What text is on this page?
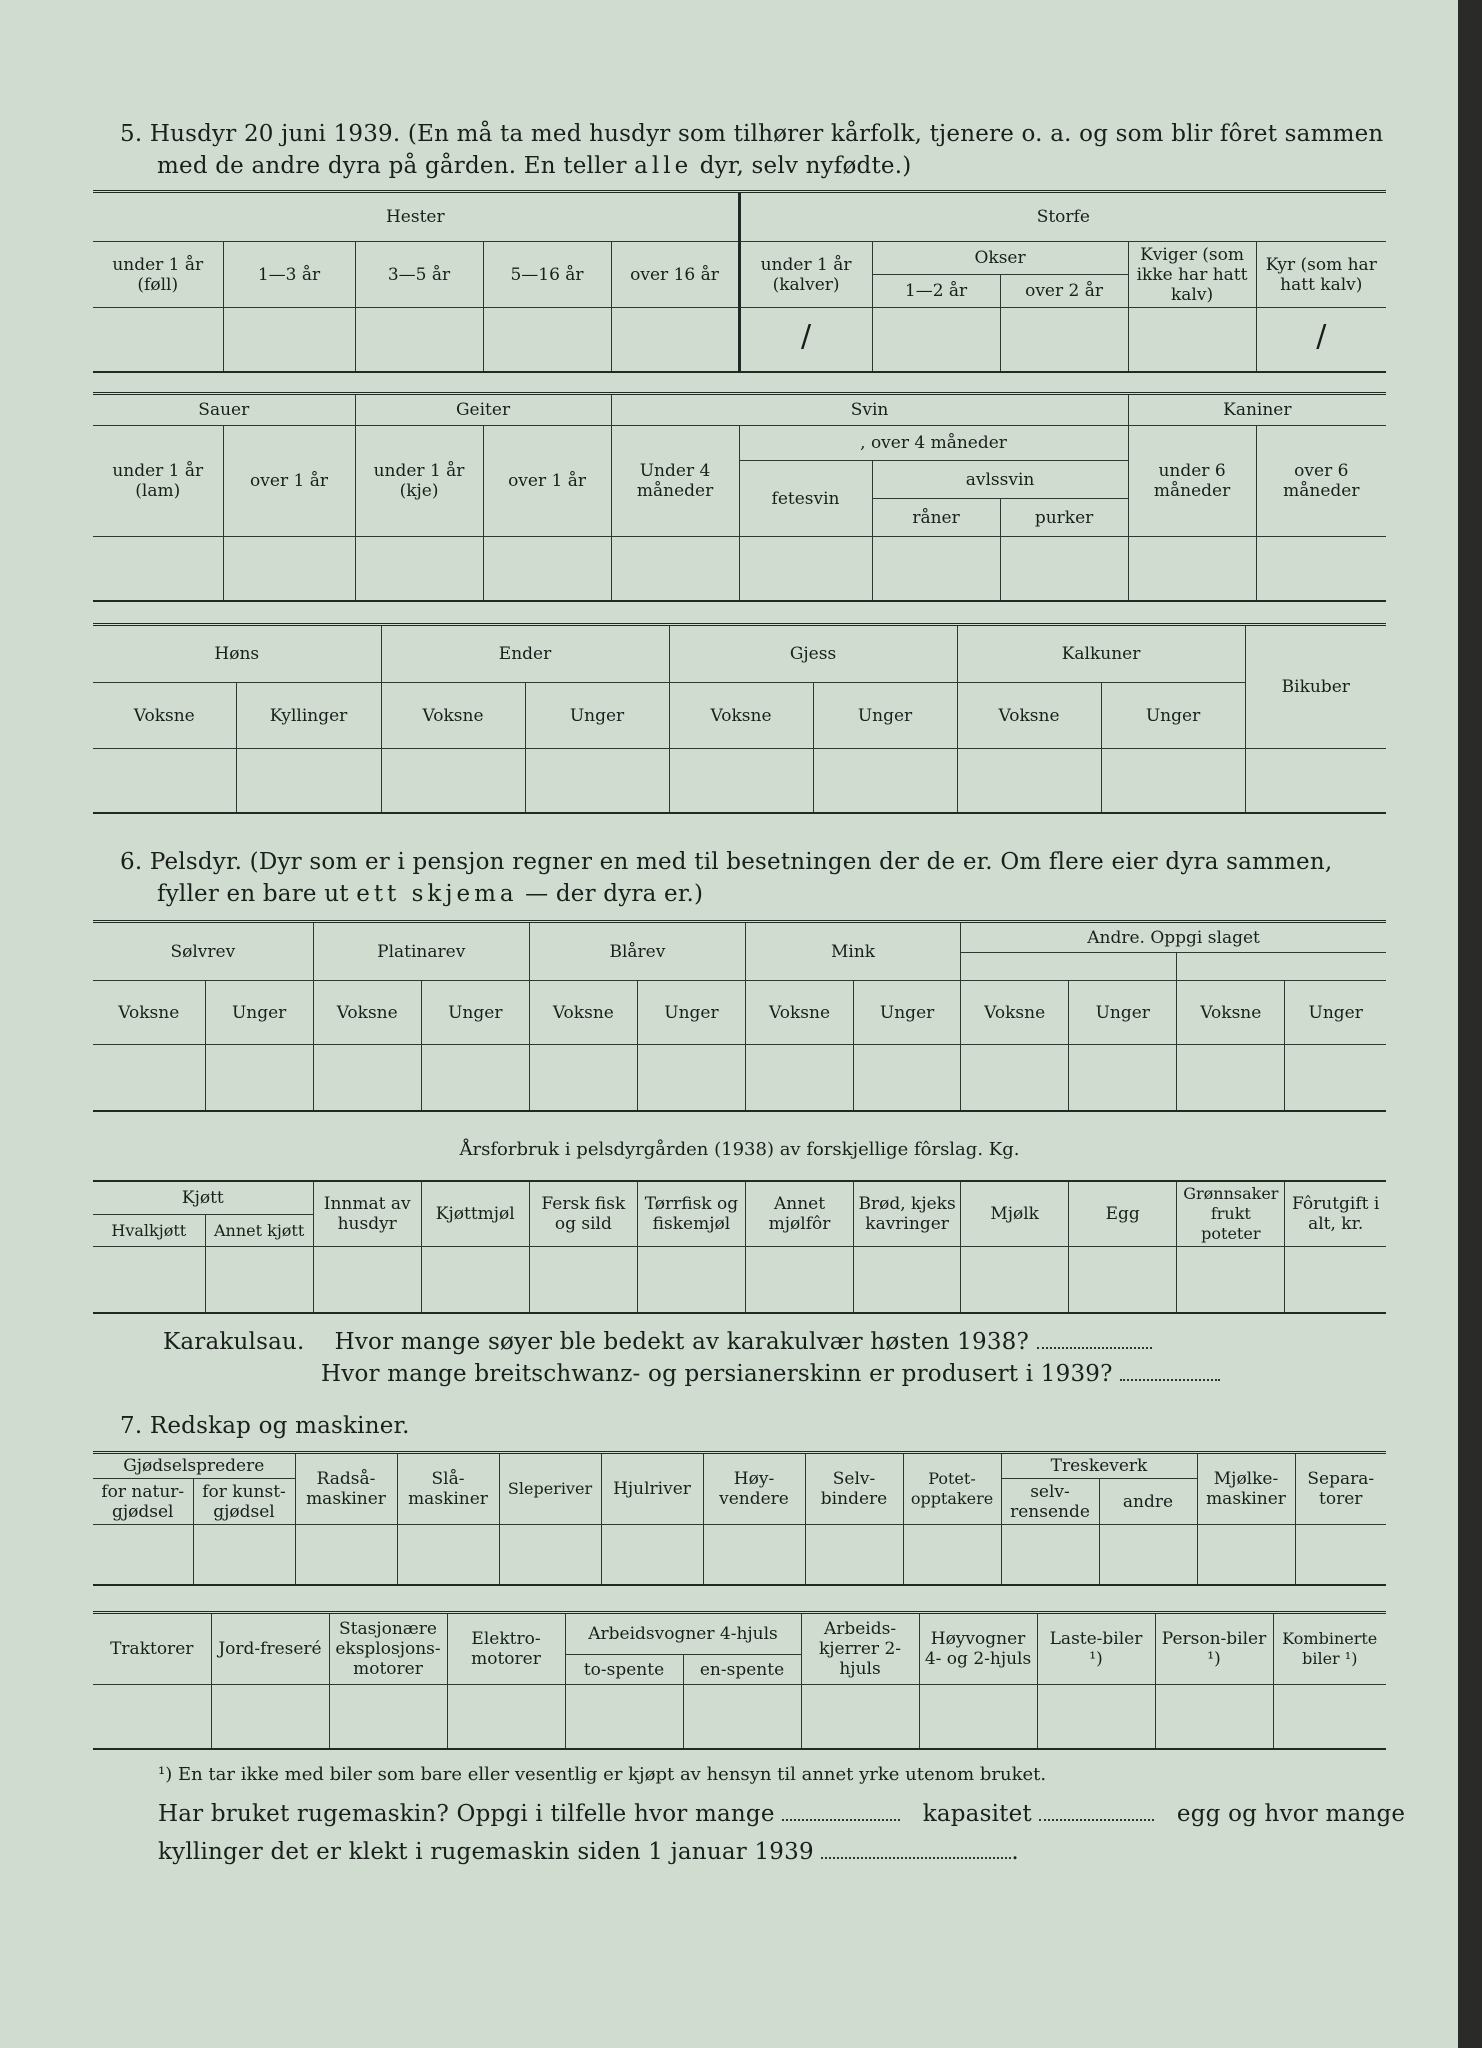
5. Husdyr 20 juni 1939. (En må ta med husdyr som tilhører kårfolk, tjenere o. a. og som blir fôret sammen
med de andre dyra på gården. En teller alle dyr, selv nyfødte.)
Hester					Storfe				
under 1 år (føll)	1—3 år	3—5 år	5—16 år	over 16 år	under 1 år (kalver)	Okser		Kviger (som ikke har hatt kalv)	Kyr (som har hatt kalv)
						1—2 år	over 2 år		
					/				/
Sauer		Geiter		Svin				Kaniner	
under 1 år (lam)	over 1 år	under 1 år (kje)	over 1 år	Under 4 måneder	, over 4 måneder			under 6 måneder	over 6 måneder
					fetesvin	avlssvin			
						råner	purker		

Høns		Ender		Gjess		Kalkuner		Bikuber
Voksne	Kyllinger	Voksne	Unger	Voksne	Unger	Voksne	Unger	

6. Pelsdyr. (Dyr som er i pensjon regner en med til besetningen der de er. Om flere eier dyra sammen,
fyller en bare ut ett skjema — der dyra er.)
Sølvrev		Platinarev		Blårev		Mink		Andre. Oppgi slaget			

Voksne	Unger	Voksne	Unger	Voksne	Unger	Voksne	Unger	Voksne	Unger	Voksne	Unger

Årsforbruk i pelsdyrgården (1938) av forskjellige fôrslag. Kg.
Kjøtt		Innmat av husdyr	Kjøttmjøl	Fersk fisk og sild	Tørrfisk og fiskemjøl	Annet mjølfôr	Brød, kjeks kavringer	Mjølk	Egg	Grønnsaker frukt poteter	Fôrutgift i alt, kr.
Hvalkjøtt	Annet kjøtt										

Karakulsau. Hvor mange søyer ble bedekt av karakulvær høsten 1938?
Hvor mange breitschwanz- og persianerskinn er produsert i 1939?
7. Redskap og maskiner.
Gjødselspredere		Radså-maskiner	Slå-maskiner	Sleperiver	Hjulriver	Høy-vendere	Selv-bindere	Potet-opptakere	Treskeverk		Mjølke-maskiner	Separa-torer
for natur-gjødsel	for kunst-gjødsel								selv-rensende	andre		

Traktorer	Jord-freseré	Stasjonære eksplosjons-motorer	Elektro-motorer	Arbeidsvogner 4-hjuls		Arbeids-kjerrer 2-hjuls	Høyvogner 4- og 2-hjuls	Laste-biler ¹)	Person-biler ¹)	Kombinerte biler ¹)
				to-spente	en-spente					

¹) En tar ikke med biler som bare eller vesentlig er kjøpt av hensyn til annet yrke utenom bruket.
Har bruket rugemaskin? Oppgi i tilfelle hvor mange	kapasitet	egg og hvor mange
kyllinger det er klekt i rugemaskin siden 1 januar 1939	.
